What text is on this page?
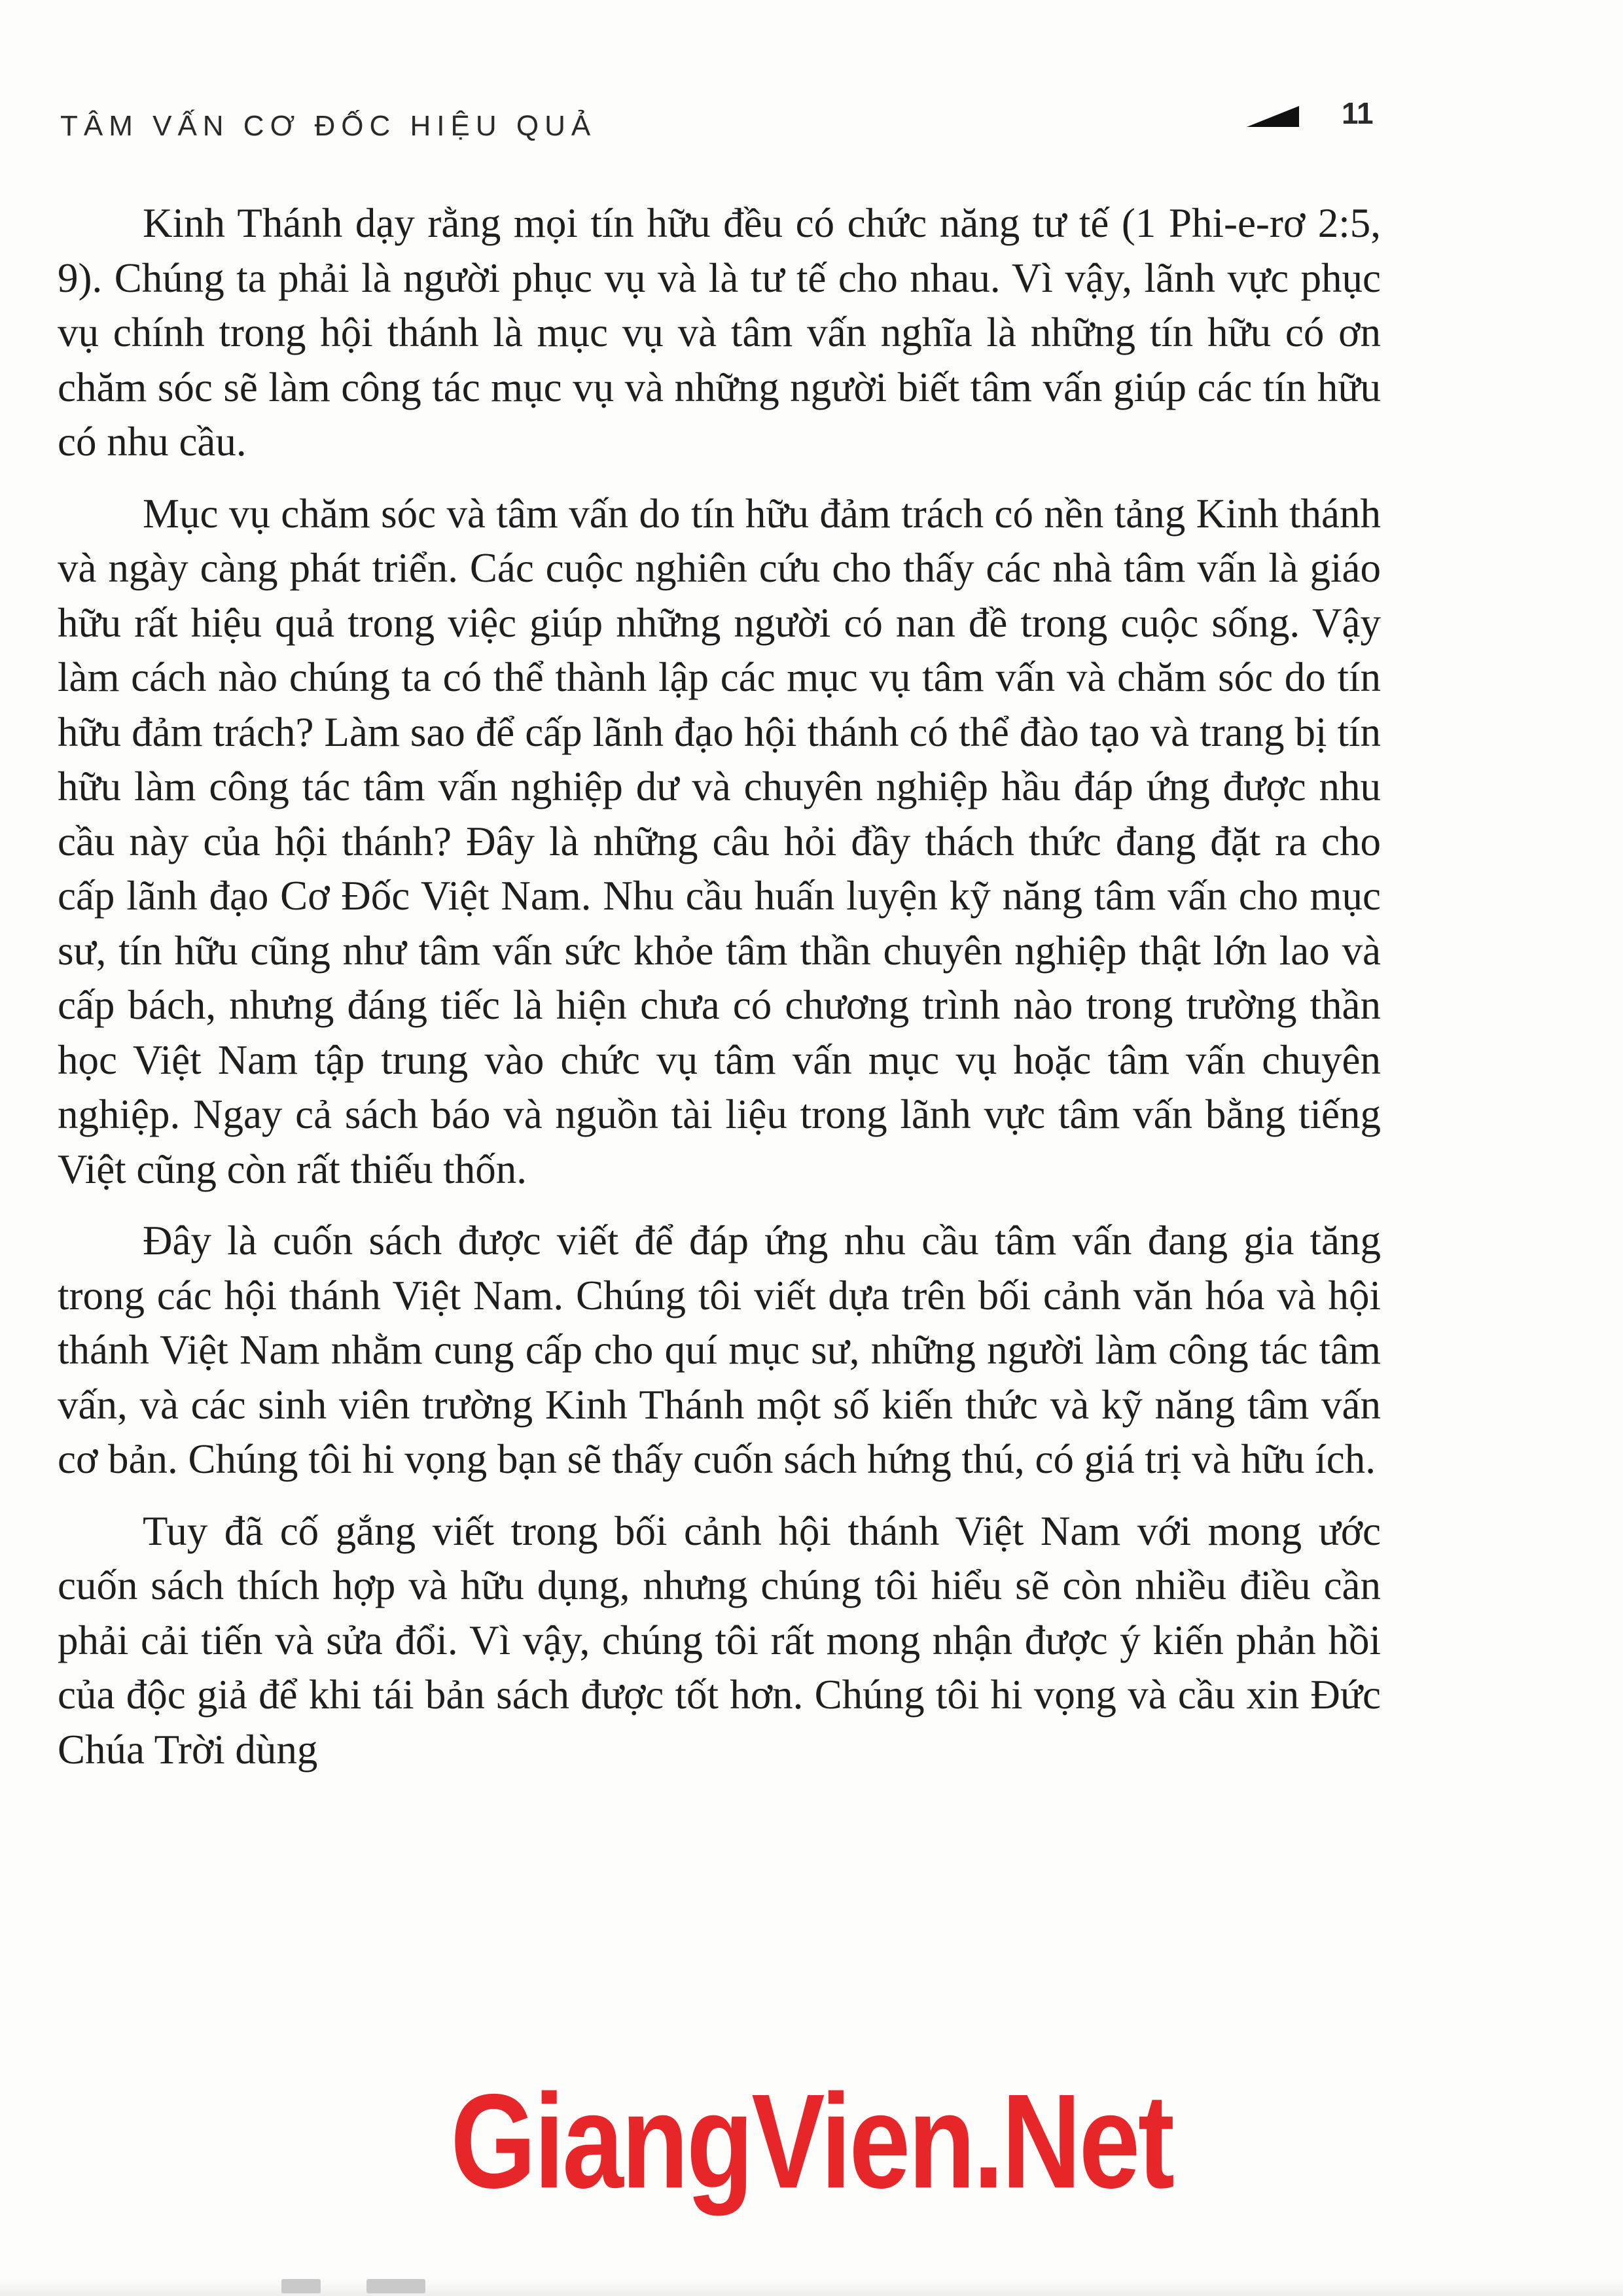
TÂM VẤN CƠ ĐỐC HIỆU QUẢ	11

Kinh Thánh dạy rằng mọi tín hữu đều có chức năng tư tế (1 Phi-e-rơ 2:5, 9). Chúng ta phải là người phục vụ và là tư tế cho nhau. Vì vậy, lãnh vực phục vụ chính trong hội thánh là mục vụ và tâm vấn nghĩa là những tín hữu có ơn chăm sóc sẽ làm công tác mục vụ và những người biết tâm vấn giúp các tín hữu có nhu cầu.

Mục vụ chăm sóc và tâm vấn do tín hữu đảm trách có nền tảng Kinh thánh và ngày càng phát triển. Các cuộc nghiên cứu cho thấy các nhà tâm vấn là giáo hữu rất hiệu quả trong việc giúp những người có nan đề trong cuộc sống. Vậy làm cách nào chúng ta có thể thành lập các mục vụ tâm vấn và chăm sóc do tín hữu đảm trách? Làm sao để cấp lãnh đạo hội thánh có thể đào tạo và trang bị tín hữu làm công tác tâm vấn nghiệp dư và chuyên nghiệp hầu đáp ứng được nhu cầu này của hội thánh? Đây là những câu hỏi đầy thách thức đang đặt ra cho cấp lãnh đạo Cơ Đốc Việt Nam. Nhu cầu huấn luyện kỹ năng tâm vấn cho mục sư, tín hữu cũng như tâm vấn sức khỏe tâm thần chuyên nghiệp thật lớn lao và cấp bách, nhưng đáng tiếc là hiện chưa có chương trình nào trong trường thần học Việt Nam tập trung vào chức vụ tâm vấn mục vụ hoặc tâm vấn chuyên nghiệp. Ngay cả sách báo và nguồn tài liệu trong lãnh vực tâm vấn bằng tiếng Việt cũng còn rất thiếu thốn.

Đây là cuốn sách được viết để đáp ứng nhu cầu tâm vấn đang gia tăng trong các hội thánh Việt Nam. Chúng tôi viết dựa trên bối cảnh văn hóa và hội thánh Việt Nam nhằm cung cấp cho quí mục sư, những người làm công tác tâm vấn, và các sinh viên trường Kinh Thánh một số kiến thức và kỹ năng tâm vấn cơ bản. Chúng tôi hi vọng bạn sẽ thấy cuốn sách hứng thú, có giá trị và hữu ích.

Tuy đã cố gắng viết trong bối cảnh hội thánh Việt Nam với mong ước cuốn sách thích hợp và hữu dụng, nhưng chúng tôi hiểu sẽ còn nhiều điều cần phải cải tiến và sửa đổi. Vì vậy, chúng tôi rất mong nhận được ý kiến phản hồi của độc giả để khi tái bản sách được tốt hơn. Chúng tôi hi vọng và cầu xin Đức Chúa Trời dùng

GiangVien.Net
